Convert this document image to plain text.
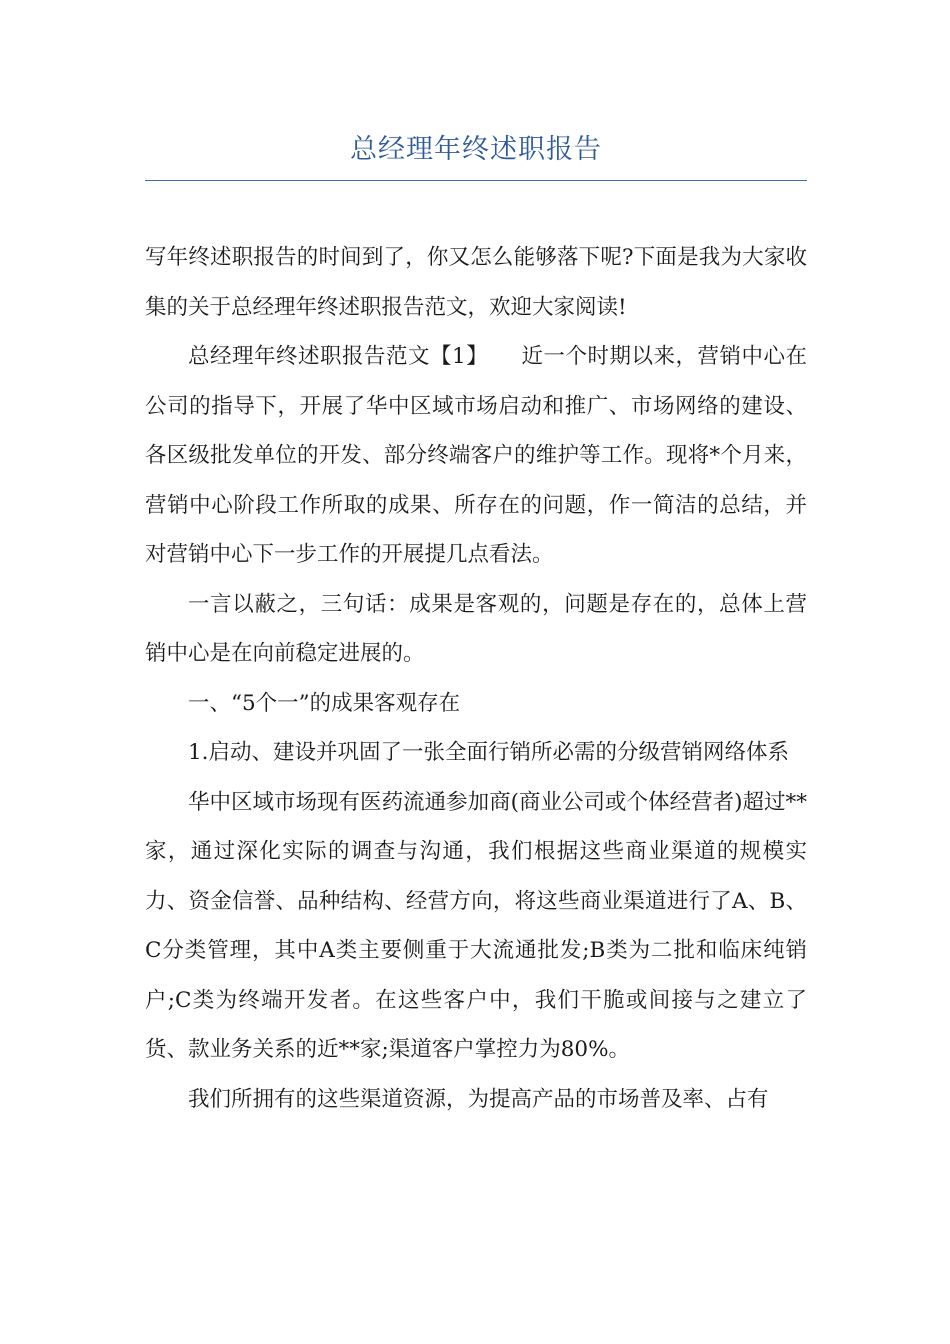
总经理年终述职报告

写年终述职报告的时间到了，你又怎么能够落下呢?下面是我为大家收集的关于总经理年终述职报告范文，欢迎大家阅读!

总经理年终述职报告范文【1】　　近一个时期以来，营销中心在公司的指导下，开展了华中区域市场启动和推广、市场网络的建设、各区级批发单位的开发、部分终端客户的维护等工作。现将*个月来，营销中心阶段工作所取的成果、所存在的问题，作一简洁的总结，并对营销中心下一步工作的开展提几点看法。

一言以蔽之，三句话：成果是客观的，问题是存在的，总体上营销中心是在向前稳定进展的。

一、“5个一”的成果客观存在

1.启动、建设并巩固了一张全面行销所必需的分级营销网络体系

华中区域市场现有医药流通参加商(商业公司或个体经营者)超过**家，通过深化实际的调查与沟通，我们根据这些商业渠道的规模实力、资金信誉、品种结构、经营方向，将这些商业渠道进行了A、B、C分类管理，其中A类主要侧重于大流通批发;B类为二批和临床纯销户;C类为终端开发者。在这些客户中，我们干脆或间接与之建立了货、款业务关系的近**家;渠道客户掌控力为80%。

我们所拥有的这些渠道资源，为提高产品的市场普及率、占有
